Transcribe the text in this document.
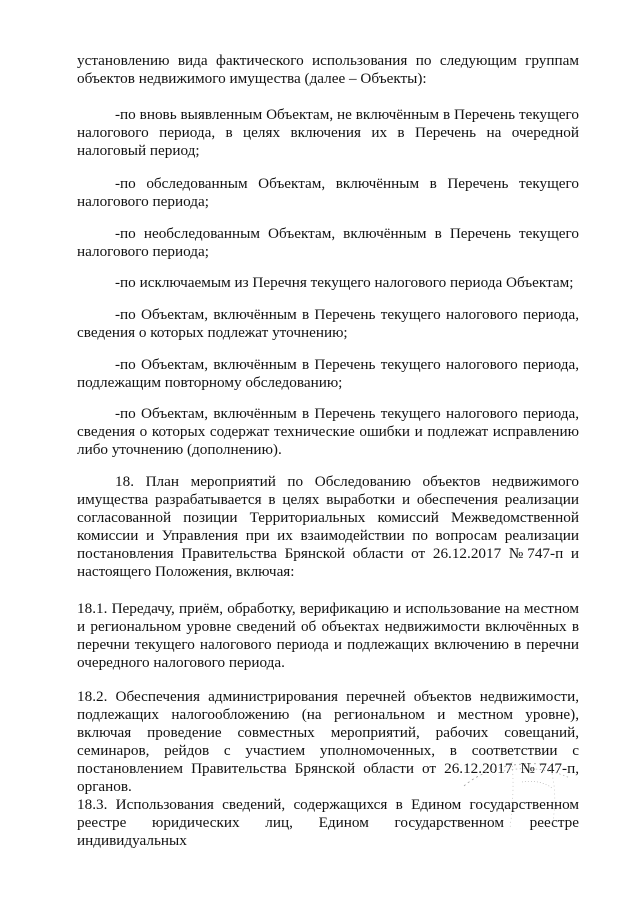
установлению вида фактического использования по следующим группам объектов недвижимого имущества (далее – Объекты):

-по вновь выявленным Объектам, не включённым в Перечень текущего налогового периода, в целях включения их в Перечень на очередной налоговый период;

-по обследованным Объектам, включённым в Перечень текущего налогового периода;

-по необследованным Объектам, включённым в Перечень текущего налогового периода;

-по исключаемым из Перечня текущего налогового периода Объектам;

-по Объектам, включённым в Перечень текущего налогового периода, сведения о которых подлежат уточнению;

-по Объектам, включённым в Перечень текущего налогового периода, подлежащим повторному обследованию;

-по Объектам, включённым в Перечень текущего налогового периода, сведения о которых содержат технические ошибки и подлежат исправлению либо уточнению (дополнению).

18. План мероприятий по Обследованию объектов недвижимого имущества разрабатывается в целях выработки и обеспечения реализации согласованной позиции Территориальных комиссий Межведомственной комиссии и Управления при их взаимодействии по вопросам реализации постановления Правительства Брянской области от 26.12.2017 №747-п и настоящего Положения, включая:

18.1. Передачу, приём, обработку, верификацию и использование на местном и региональном уровне сведений об объектах недвижимости включённых в перечни текущего налогового периода и подлежащих включению в перечни очередного налогового периода.

18.2. Обеспечения администрирования перечней объектов недвижимости, подлежащих налогообложению (на региональном и местном уровне), включая проведение совместных мероприятий, рабочих совещаний, семинаров, рейдов с участием уполномоченных, в соответствии с постановлением Правительства Брянской области от 26.12.2017 №747-п, органов.

18.3. Использования сведений, содержащихся в Едином государственном реестре юридических лиц, Едином государственном реестре индивидуальных
